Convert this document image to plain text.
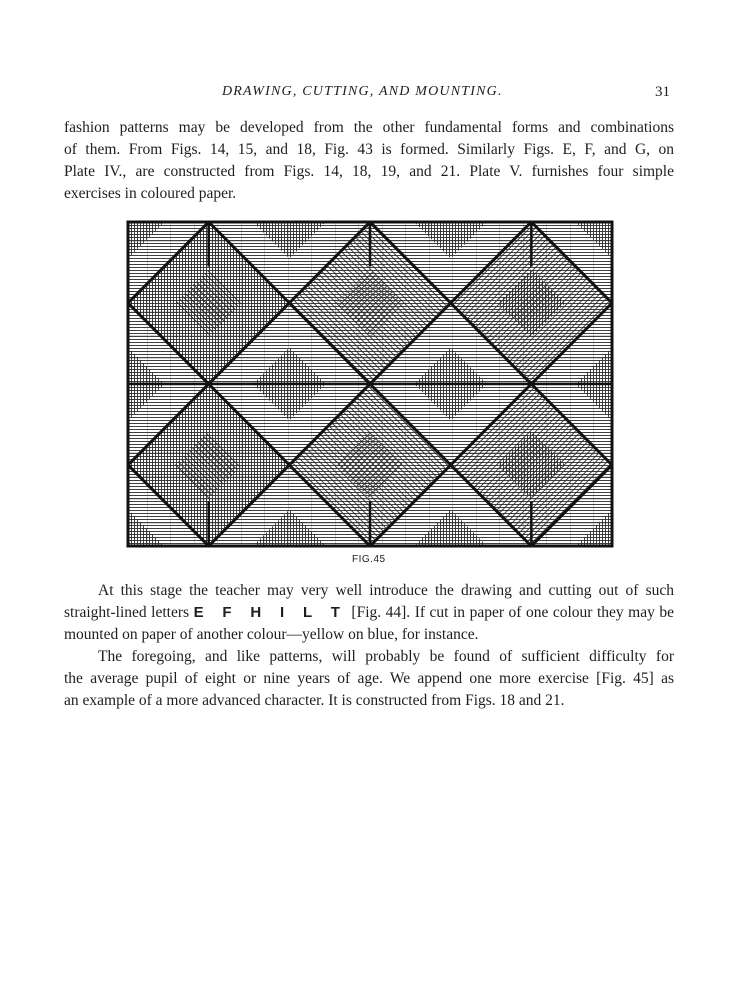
DRAWING, CUTTING, AND MOUNTING.	31

fashion patterns may be developed from the other fundamental forms and combinations
of them. From Figs. 14, 15, and 18, Fig. 43 is formed. Similarly Figs. E, F, and G, on
Plate IV., are constructed from Figs. 14, 18, 19, and 21. Plate V. furnishes four simple
exercises in coloured paper.

FIG.45

At this stage the teacher may very well introduce the drawing and cutting out of such
straight-lined letters E F H I L T [Fig. 44]. If cut in paper of one colour they may be
mounted on paper of another colour—yellow on blue, for instance.

The foregoing, and like patterns, will probably be found of sufficient difficulty for
the average pupil of eight or nine years of age. We append one more exercise [Fig. 45] as
an example of a more advanced character. It is constructed from Figs. 18 and 21.
